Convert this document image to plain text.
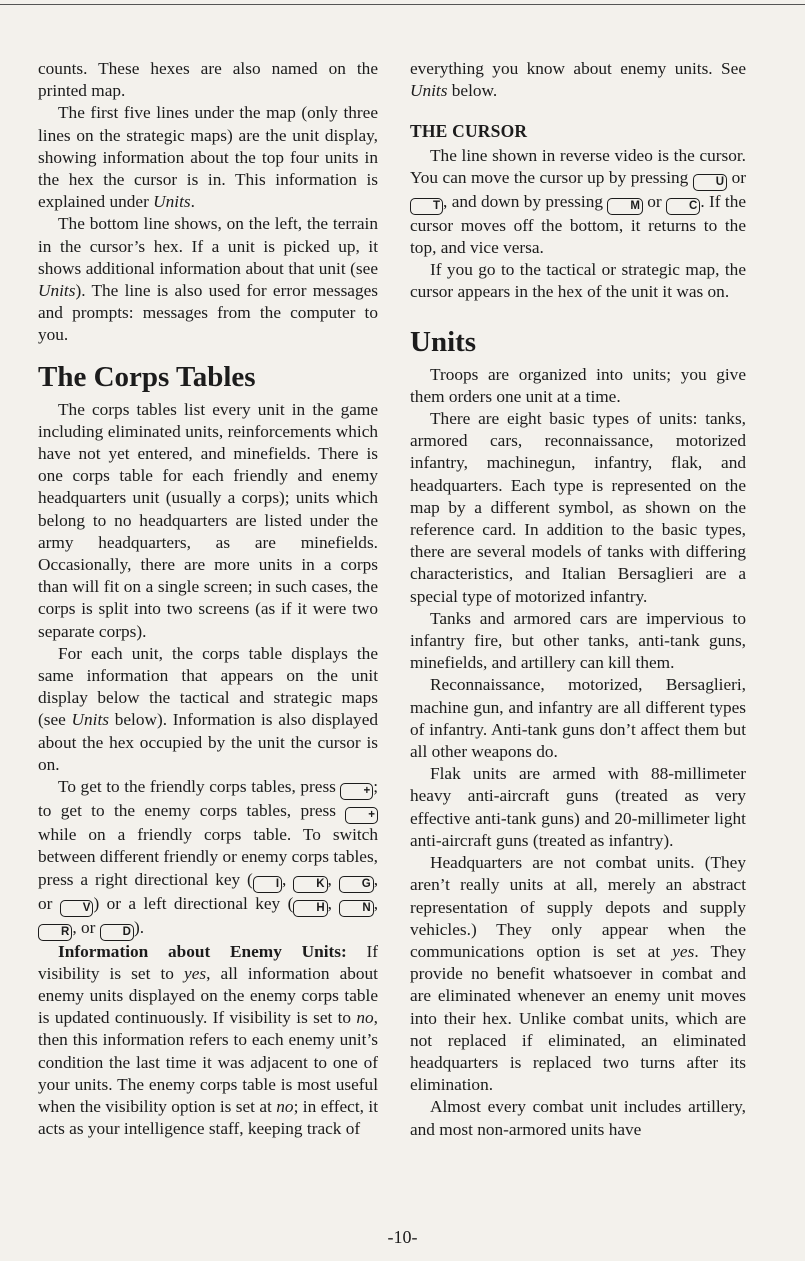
counts. These hexes are also named on the printed map.

The first five lines under the map (only three lines on the strategic maps) are the unit display, showing information about the top four units in the hex the cursor is in. This information is explained under Units.

The bottom line shows, on the left, the terrain in the cursor’s hex. If a unit is picked up, it shows additional information about that unit (see Units). The line is also used for error messages and prompts: messages from the computer to you.

The Corps Tables

The corps tables list every unit in the game including eliminated units, reinforcements which have not yet entered, and minefields. There is one corps table for each friendly and enemy headquarters unit (usually a corps); units which belong to no headquarters are listed under the army headquarters, as are minefields. Occasionally, there are more units in a corps than will fit on a single screen; in such cases, the corps is split into two screens (as if it were two separate corps).

For each unit, the corps table displays the same information that appears on the unit display below the tactical and strategic maps (see Units below). Information is also displayed about the hex occupied by the unit the cursor is on.

To get to the friendly corps tables, press + ; to get to the enemy corps tables, press + while on a friendly corps table. To switch between different friendly or enemy corps tables, press a right directional key ( I , K , G , or V ) or a left directional key ( H , N , R , or D ).

Information about Enemy Units: If visibility is set to yes, all information about enemy units displayed on the enemy corps table is updated continuously. If visibility is set to no, then this information refers to each enemy unit’s condition the last time it was adjacent to one of your units. The enemy corps table is most useful when the visibility option is set at no; in effect, it acts as your intelligence staff, keeping track of

everything you know about enemy units. See Units below.

THE CURSOR

The line shown in reverse video is the cursor. You can move the cursor up by pressing U or T , and down by pressing M or C . If the cursor moves off the bottom, it returns to the top, and vice versa.

If you go to the tactical or strategic map, the cursor appears in the hex of the unit it was on.

Units

Troops are organized into units; you give them orders one unit at a time.

There are eight basic types of units: tanks, armored cars, reconnaissance, motorized infantry, machinegun, infantry, flak, and headquarters. Each type is represented on the map by a different symbol, as shown on the reference card. In addition to the basic types, there are several models of tanks with differing characteristics, and Italian Bersaglieri are a special type of motorized infantry.

Tanks and armored cars are impervious to infantry fire, but other tanks, anti-tank guns, minefields, and artillery can kill them.

Reconnaissance, motorized, Bersaglieri, machine gun, and infantry are all different types of infantry. Anti-tank guns don’t affect them but all other weapons do.

Flak units are armed with 88-millimeter heavy anti-aircraft guns (treated as very effective anti-tank guns) and 20-millimeter light anti-aircraft guns (treated as infantry).

Headquarters are not combat units. (They aren’t really units at all, merely an abstract representation of supply depots and supply vehicles.) They only appear when the communications option is set at yes. They provide no benefit whatsoever in combat and are eliminated whenever an enemy unit moves into their hex. Unlike combat units, which are not replaced if eliminated, an eliminated headquarters is replaced two turns after its elimination.

Almost every combat unit includes artillery, and most non-armored units have

-10-
